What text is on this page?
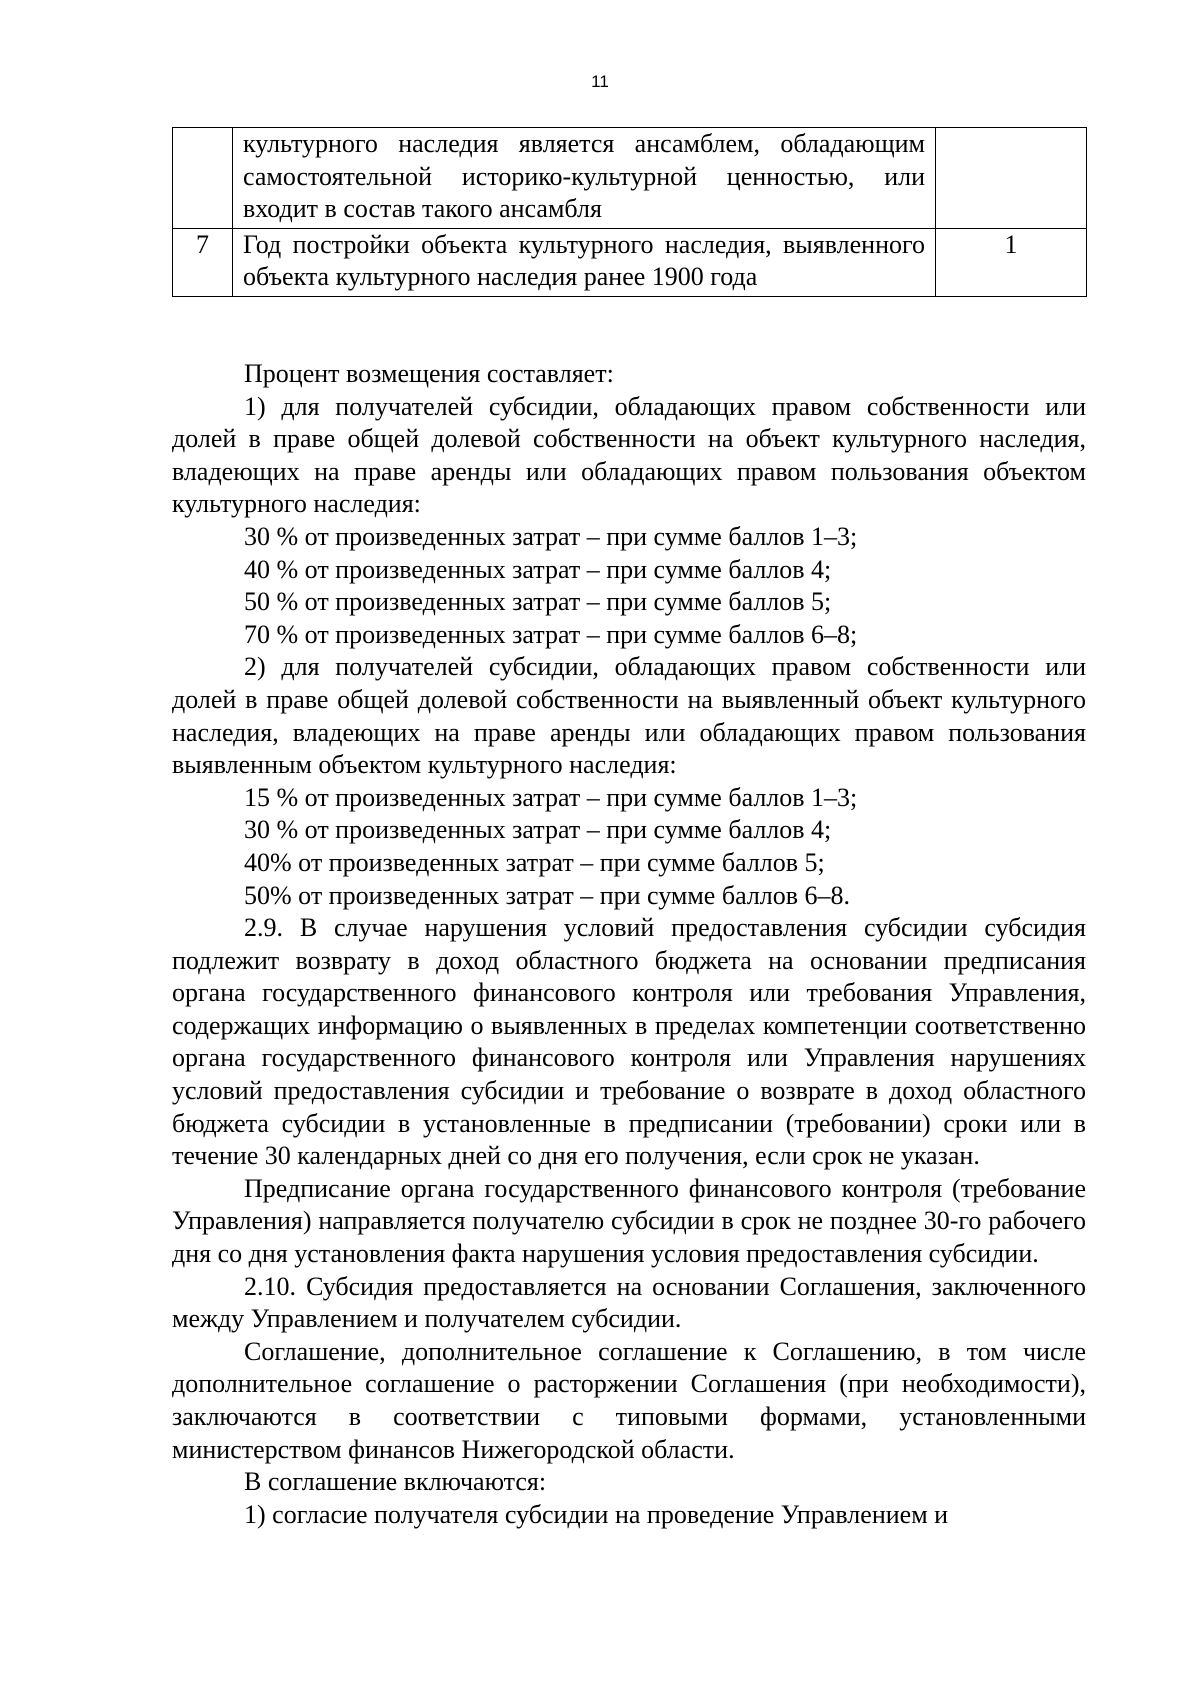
11
	культурного наследия является ансамблем, обладающим самостоятельной историко-культурной ценностью, или входит в состав такого ансамбля	
7	Год постройки объекта культурного наследия, выявленного объекта культурного наследия ранее 1900 года	1

Процент возмещения составляет:

1) для получателей субсидии, обладающих правом собственности или долей в праве общей долевой собственности на объект культурного наследия, владеющих на праве аренды или обладающих правом пользования объектом культурного наследия:

30 % от произведенных затрат – при сумме баллов 1–3;

40 % от произведенных затрат – при сумме баллов 4;

50 % от произведенных затрат – при сумме баллов 5;

70 % от произведенных затрат – при сумме баллов 6–8;

2) для получателей субсидии, обладающих правом собственности или долей в праве общей долевой собственности на выявленный объект культурного наследия, владеющих на праве аренды или обладающих правом пользования выявленным объектом культурного наследия:

15 % от произведенных затрат – при сумме баллов 1–3;

30 % от произведенных затрат – при сумме баллов 4;

40% от произведенных затрат – при сумме баллов 5;

50% от произведенных затрат – при сумме баллов 6–8.

2.9. В случае нарушения условий предоставления субсидии субсидия подлежит возврату в доход областного бюджета на основании предписания органа государственного финансового контроля или требования Управления, содержащих информацию о выявленных в пределах компетенции соответственно органа государственного финансового контроля или Управления нарушениях условий предоставления субсидии и требование о возврате в доход областного бюджета субсидии в установленные в предписании (требовании) сроки или в течение 30 календарных дней со дня его получения, если срок не указан.

Предписание органа государственного финансового контроля (требование Управления) направляется получателю субсидии в срок не позднее 30-го рабочего дня со дня установления факта нарушения условия предоставления субсидии.

2.10. Субсидия предоставляется на основании Соглашения, заключенного между Управлением и получателем субсидии.

Соглашение, дополнительное соглашение к Соглашению, в том числе дополнительное соглашение о расторжении Соглашения (при необходимости), заключаются в соответствии с типовыми формами, установленными министерством финансов Нижегородской области.

В соглашение включаются:

1) согласие получателя субсидии на проведение Управлением и
